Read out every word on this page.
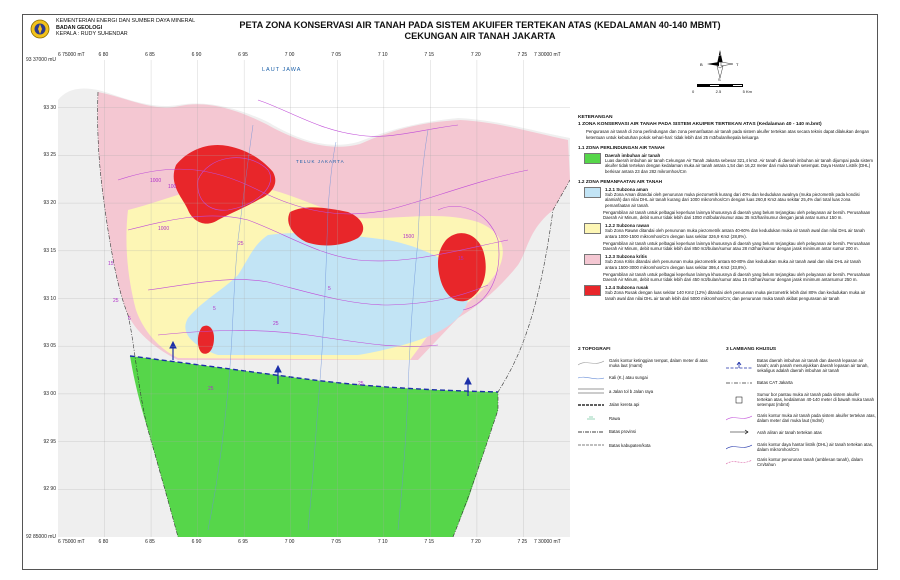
KEMENTERIAN ENERGI DAN SUMBER DAYA MINERAL
BADAN GEOLOGI
KEPALA : RUDY SUHENDAR
PETA ZONA KONSERVASI AIR TANAH PADA SISTEM AKUIFER TERTEKAN ATAS (KEDALAMAN 40-140 MBMT)
CEKUNGAN AIR TANAH JAKARTA
6 75000 mT	6 80	6 85	6 90	6 95	7 00	7 05	7 10	7 15	7 20	7 25 7 30000 mT
6 75000 mT	6 80	6 85	6 90	6 95	7 00	7 05	7 10	7 15	7 20	7 25 7 30000 mT
93 37000 mU
93 30
93 25
93 20
93 15
93 10
93 05
93 00
92 95
92 90
92 85000 mU
1000
1500
1000
15
25
25
5
25
15
100
5
25
25
5
LAUT JAWA
TELUK JAKARTA
U
S
B	T
0	2.5	5 Km
KETERANGAN
1 ZONA KONSERVASI AIR TANAH PADA SISTEM AKUIFER TERTEKAN ATAS (Kedalaman 40 - 140 m.bmt)
Pengurasan air tanah di zona perlindungan dan zona pemanfaatan air tanah pada sistem akuifer tertekan atas secara teknis dapat dilakukan dengan ketentuan untuk kebutuhan pokok sehari-hari: tidak lebih dari 25 m3/bulan/kepala keluarga
1.1 ZONA PERLINDUNGAN AIR TANAH
Daerah imbuhan air tanah
Luas daerah imbuhan air tanah Cekungan Air Tanah Jakarta sebesar 321,4 km2. Air tanah di daerah imbuhan air tanah dijumpai pada sistem akuifer tidak tertekan dengan kedalaman muka air tanah antara 1,54 dan 16,22 meter dari muka tanah setempat. Daya Hantar Listrik (DHL) berkisar antara 23 dan 282 mikromhos/Cm
1.2 ZONA PEMANFAATAN AIR TANAH
1.2.1 Subzona aman
Sub Zona Aman ditandai oleh penurunan muka piezometrik kurang dari 40% dan kedudukan awalnya (muka piezometrik pada kondisi alamiah) dan nilai DHL air tanah kurang dari 1000 mikromhos/Cm dengan luas 260,8 Km2 atau sekitar 25,4% dari total luas zona pemanfaatan air tanah.
Pengambilan air tanah untuk pelbagai keperluan lainnya khususnya di daerah yang belum terjangkau oleh pelayanan air bersih. Perusahaan Daerah Air Minum, debit sumur tidak lebih dari 1050 m3/bulan/sumur atau 35 m3/hari/sumur dengan jarak antar sumur 150 m.
1.2.2 Subzona rawan
Sub Zona Rawan ditandai oleh penurunan muka piezometrik antara 40-60% dan kedudukan muka air tanah awal dan nilai DHL air tanah antara 1000-1500 mikromhos/Cm dengan luas sekitar 326,9 Km2 (28,8%).
Pengambilan air tanah untuk pelbagai keperluan lainnya khususnya di daerah yang belum terjangkau oleh pelayanan air bersih. Perusahaan Daerah Air Minum, debit sumur tidak lebih dari 850 m3/bulan/sumur atau 28 m3/hari/sumur dengan jarak minimum antar sumur 200 m.
1.2.3 Subzona kritis
Sub Zona Kritis ditandai oleh penurunan muka piezometrik antara 60-80% dan kedudukan muka air tanah awal dan nilai DHL air tanah antara 1500-3000 mikromhos/Cm dengan luas sekitar 386,4 Km2 (33,8%).
Pengambilan air tanah untuk pelbagai keperluan lainnya khususnya di daerah yang belum terjangkau oleh pelayanan air bersih. Perusahaan Daerah Air Minum, debit sumur tidak lebih dari 450 m3/bulan/sumur atau 15 m3/hari/sumur dengan jarak minimum antarsumur 250 m.
1.2.4 Subzona rusak
Sub Zona Rusak dengan luas sekitar 140 Km2 (12%) ditandai oleh penurunan muka piezometrik lebih dari 80% dan kedudukan muka air tanah awal dan nilai DHL air tanah lebih dari 5000 mikromhos/Cm; dan penurunan muka tanah akibat pengurasan air tanah
2 TOPOGRAFI
Garis kontur ketinggian tempat, dalam meter di atas muka laut (mamt)
Kali (K.) atau sungai
a Jalan tol b Jalan raya
Jalan kereta api
Rawa
Batas provinsi
Batas kabupaten/kota
3 LAMBANG KHUSUS
Batas daerah imbuhan air tanah dan daerah lepasan air tanah; arah panah menunjukkan daerah lepasan air tanah, sekaligus adalah daerah imbuhan air tanah
Batas CAT Jakarta
Sumur bor pantau muka air tanah pada sistem akuifer tertekan atas, kedalaman 40-140 meter di bawah muka tanah setempat (mbmt)
Garis kontur muka air tanah pada sistem akuifer tertekan atas, dalam meter dari muka laut (mdml)
Arah aliran air tanah tertekan atas
Garis kontur daya hantar listrik (DHL) air tanah tertekan atas, dalam mikromhos/Cm
Garis kontur penurunan tanah (amblesan tanah), dalam Cm/tahun
